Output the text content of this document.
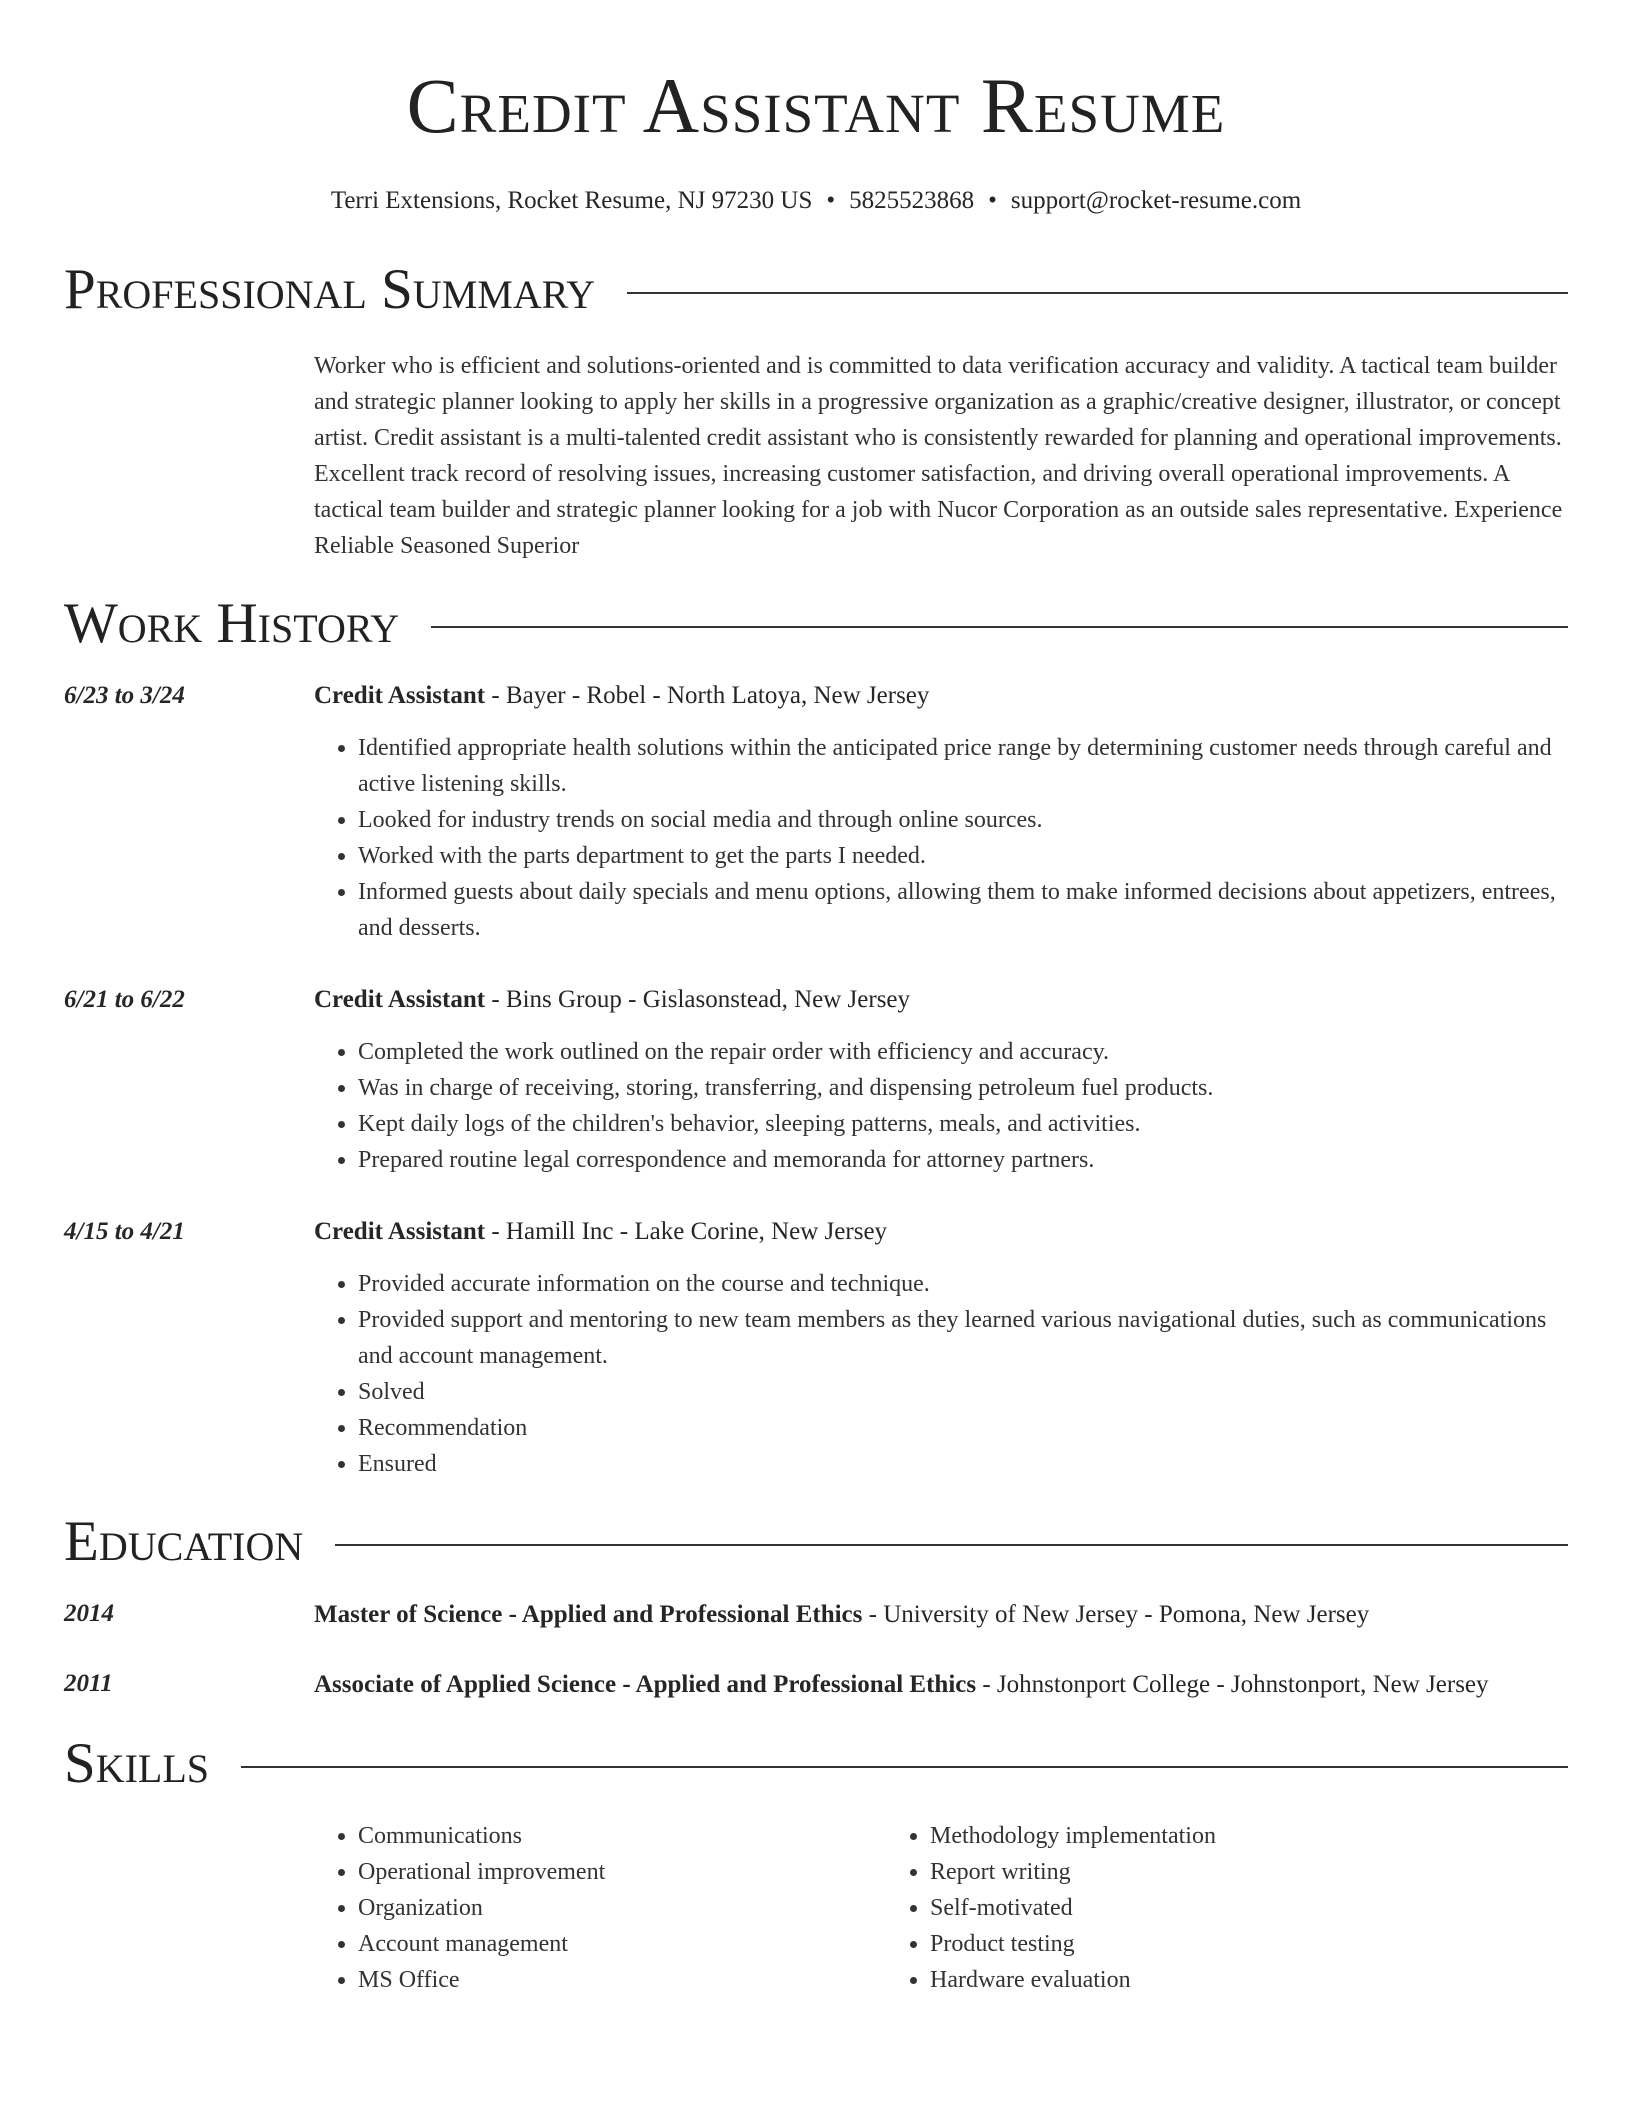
Credit Assistant Resume
Terri Extensions, Rocket Resume, NJ 97230 US • 5825523868 • support@rocket-resume.com
Professional Summary
Worker who is efficient and solutions-oriented and is committed to data verification accuracy and validity. A tactical team builder and strategic planner looking to apply her skills in a progressive organization as a graphic/creative designer, illustrator, or concept artist. Credit assistant is a multi-talented credit assistant who is consistently rewarded for planning and operational improvements. Excellent track record of resolving issues, increasing customer satisfaction, and driving overall operational improvements. A tactical team builder and strategic planner looking for a job with Nucor Corporation as an outside sales representative. Experience Reliable Seasoned Superior
Work History
6/23 to 3/24	Credit Assistant - Bayer - Robel - North Latoya, New Jersey
• Identified appropriate health solutions within the anticipated price range by determining customer needs through careful and active listening skills.
• Looked for industry trends on social media and through online sources.
• Worked with the parts department to get the parts I needed.
• Informed guests about daily specials and menu options, allowing them to make informed decisions about appetizers, entrees, and desserts.
6/21 to 6/22	Credit Assistant - Bins Group - Gislasonstead, New Jersey
• Completed the work outlined on the repair order with efficiency and accuracy.
• Was in charge of receiving, storing, transferring, and dispensing petroleum fuel products.
• Kept daily logs of the children's behavior, sleeping patterns, meals, and activities.
• Prepared routine legal correspondence and memoranda for attorney partners.
4/15 to 4/21	Credit Assistant - Hamill Inc - Lake Corine, New Jersey
• Provided accurate information on the course and technique.
• Provided support and mentoring to new team members as they learned various navigational duties, such as communications and account management.
• Solved
• Recommendation
• Ensured
Education
2014	Master of Science - Applied and Professional Ethics - University of New Jersey - Pomona, New Jersey
2011	Associate of Applied Science - Applied and Professional Ethics - Johnstonport College - Johnstonport, New Jersey
Skills
• Communications
• Operational improvement
• Organization
• Account management
• MS Office
• Methodology implementation
• Report writing
• Self-motivated
• Product testing
• Hardware evaluation
